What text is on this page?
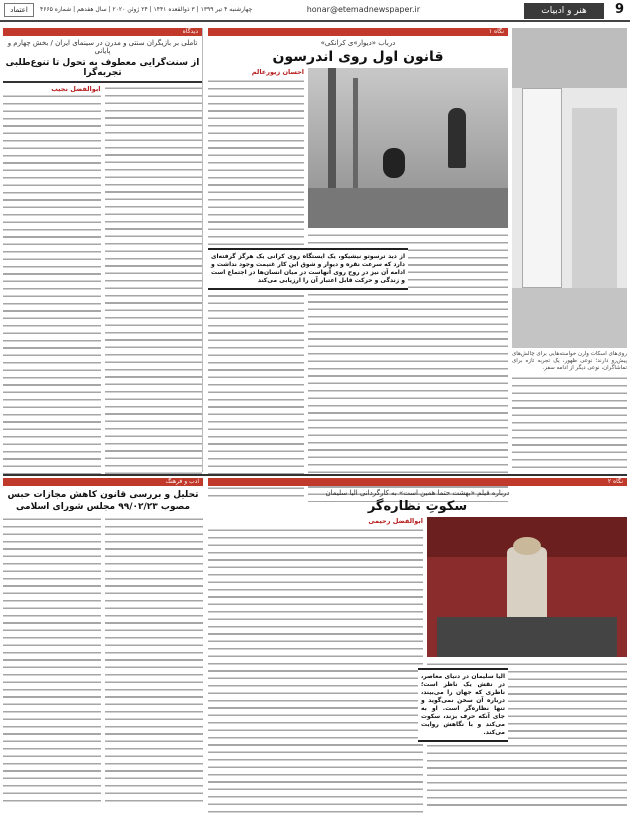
9
هنر و ادبیات
honar@etemadnewspaper.ir
چهارشنبه ۴ تیر ۱۳۹۹ | ۳ ذوالقعده ۱۴۴۱ | ۲۴ ژوئن ۲۰۲۰ | سال هفدهم | شماره ۴۶۶۵
اعتماد
دیدگاه
تاملی بر بازیگران سنتی و مدرن در سینمای ایران / بخش چهارم و پایانی
از سنت‌گرایی معطوف به تحول تا تنوع‌طلبی تجربه‌گرا
ابوالفضل نجیب
نگاه ۱
درباب «دیوار»ی کرانکی»
قانون اول روی اندرسون
احسان زیورعالم
از دید ترسوتو نیشیکو، یک ایستگاه روی کرانی یک هرگز گرفته‌ای دارد که سرعت نقره و دیوار و شوق این کار غنیمت وجود نداشت و ادامه آن نیز در روح روی آنهاست در میان انسان‌ها در اجتماع است و زندگی و حرکت قابل اعتبار آن را ارزیابی می‌کند
روی‌های اسکات وارن خواسته‌هایی برای چالش‌های پیش‌رو دارند؛ نوعی ظهور، یک تجربه تازه برای تماشاگران، نوعی دیگر از ادامه سفر.
ادب و فرهنگ
تحلیل و بررسی قانون کاهش مجازات حبس مصوب ۹۹/۰۲/۲۳ مجلس شورای اسلامی
نگاه ۲
درباره فیلم «بهشت حتما همین است» به کارگردانی الیا سلیمان
سکوتِ نظاره‌گر
ابوالفضل رحیمی
الیا سلیمان در دنیای معاصر، در نقش یک ناظر است؛ ناظری که جهان را می‌بیند، درباره آن سخن نمی‌گوید و تنها نظاره‌گر است. او به جای آنکه حرف بزند، سکوت می‌کند و با نگاهش روایت می‌کند.
